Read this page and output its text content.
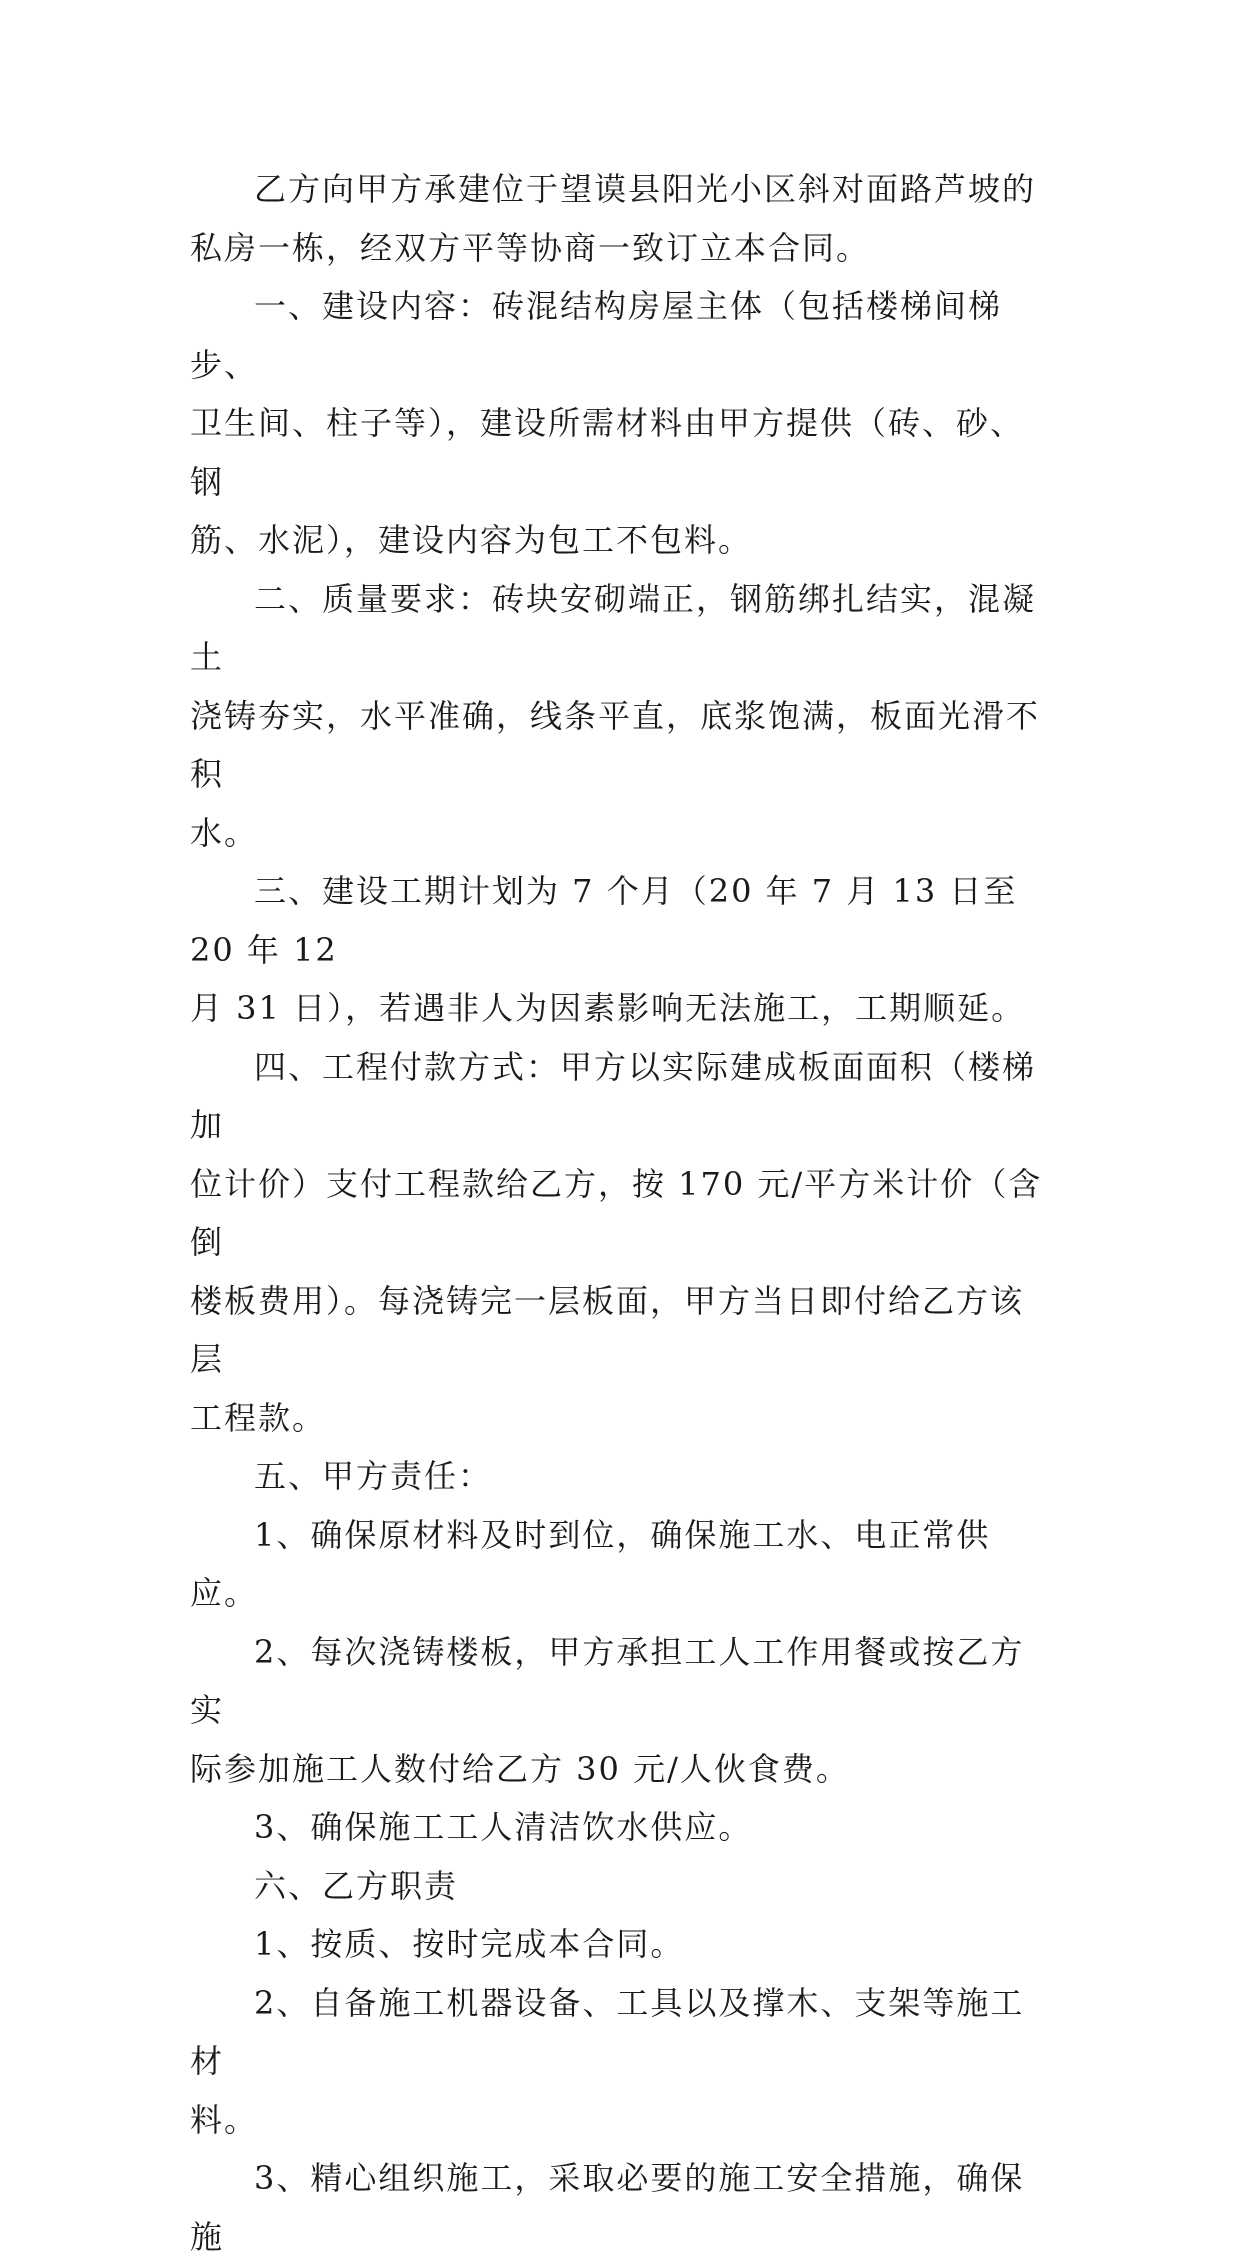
乙方向甲方承建位于望谟县阳光小区斜对面路芦坡的
私房一栋，经双方平等协商一致订立本合同。
一、建设内容：砖混结构房屋主体（包括楼梯间梯步、
卫生间、柱子等），建设所需材料由甲方提供（砖、砂、钢
筋、水泥），建设内容为包工不包料。
二、质量要求：砖块安砌端正，钢筋绑扎结实，混凝土
浇铸夯实，水平准确，线条平直，底浆饱满，板面光滑不积
水。
三、建设工期计划为 7 个月（20 年 7 月 13 日至 20 年 12
月 31 日），若遇非人为因素影响无法施工，工期顺延。
四、工程付款方式：甲方以实际建成板面面积（楼梯加
位计价）支付工程款给乙方，按 170 元/平方米计价（含倒
楼板费用）。每浇铸完一层板面，甲方当日即付给乙方该层
工程款。
五、甲方责任：
1、确保原材料及时到位，确保施工水、电正常供应。
2、每次浇铸楼板，甲方承担工人工作用餐或按乙方实
际参加施工人数付给乙方 30 元/人伙食费。
3、确保施工工人清洁饮水供应。
六、乙方职责
1、按质、按时完成本合同。
2、自备施工机器设备、工具以及撑木、支架等施工材
料。
3、精心组织施工，采取必要的施工安全措施，确保施
